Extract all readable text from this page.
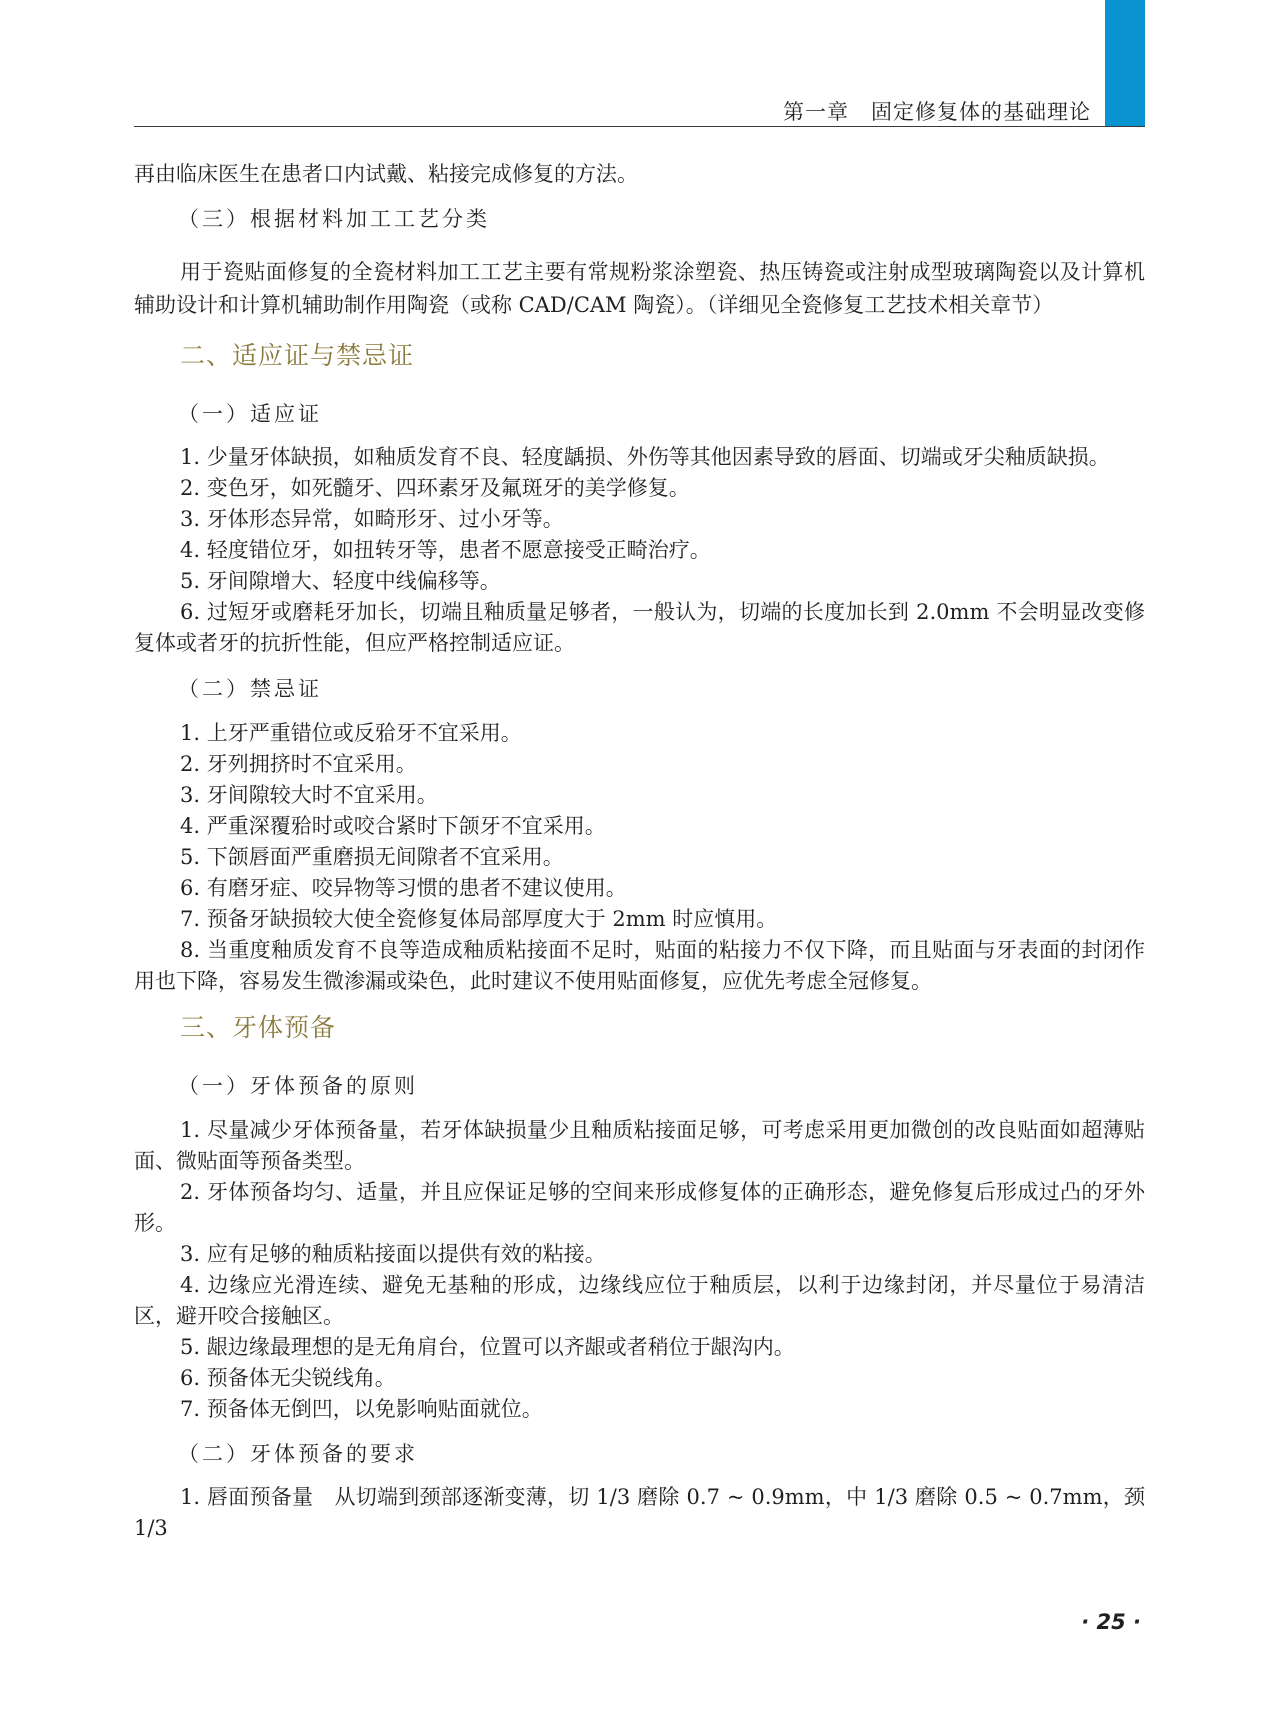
第一章 固定修复体的基础理论
再由临床医生在患者口内试戴、粘接完成修复的方法。
（三）根据材料加工工艺分类
用于瓷贴面修复的全瓷材料加工工艺主要有常规粉浆涂塑瓷、热压铸瓷或注射成型玻璃陶瓷以及计算机辅助设计和计算机辅助制作用陶瓷（或称 CAD/CAM 陶瓷）。（详细见全瓷修复工艺技术相关章节）
二、适应证与禁忌证
（一）适应证
1. 少量牙体缺损，如釉质发育不良、轻度龋损、外伤等其他因素导致的唇面、切端或牙尖釉质缺损。
2. 变色牙，如死髓牙、四环素牙及氟斑牙的美学修复。
3. 牙体形态异常，如畸形牙、过小牙等。
4. 轻度错位牙，如扭转牙等，患者不愿意接受正畸治疗。
5. 牙间隙增大、轻度中线偏移等。
6. 过短牙或磨耗牙加长，切端且釉质量足够者，一般认为，切端的长度加长到 2.0mm 不会明显改变修复体或者牙的抗折性能，但应严格控制适应证。
（二）禁忌证
1. 上牙严重错位或反𬌗牙不宜采用。
2. 牙列拥挤时不宜采用。
3. 牙间隙较大时不宜采用。
4. 严重深覆𬌗时或咬合紧时下颌牙不宜采用。
5. 下颌唇面严重磨损无间隙者不宜采用。
6. 有磨牙症、咬异物等习惯的患者不建议使用。
7. 预备牙缺损较大使全瓷修复体局部厚度大于 2mm 时应慎用。
8. 当重度釉质发育不良等造成釉质粘接面不足时，贴面的粘接力不仅下降，而且贴面与牙表面的封闭作用也下降，容易发生微渗漏或染色，此时建议不使用贴面修复，应优先考虑全冠修复。
三、牙体预备
（一）牙体预备的原则
1. 尽量减少牙体预备量，若牙体缺损量少且釉质粘接面足够，可考虑采用更加微创的改良贴面如超薄贴面、微贴面等预备类型。
2. 牙体预备均匀、适量，并且应保证足够的空间来形成修复体的正确形态，避免修复后形成过凸的牙外形。
3. 应有足够的釉质粘接面以提供有效的粘接。
4. 边缘应光滑连续、避免无基釉的形成，边缘线应位于釉质层，以利于边缘封闭，并尽量位于易清洁区，避开咬合接触区。
5. 龈边缘最理想的是无角肩台，位置可以齐龈或者稍位于龈沟内。
6. 预备体无尖锐线角。
7. 预备体无倒凹，以免影响贴面就位。
（二）牙体预备的要求
1. 唇面预备量　从切端到颈部逐渐变薄，切 1/3 磨除 0.7 ~ 0.9mm，中 1/3 磨除 0.5 ~ 0.7mm，颈 1/3
· 25 ·
